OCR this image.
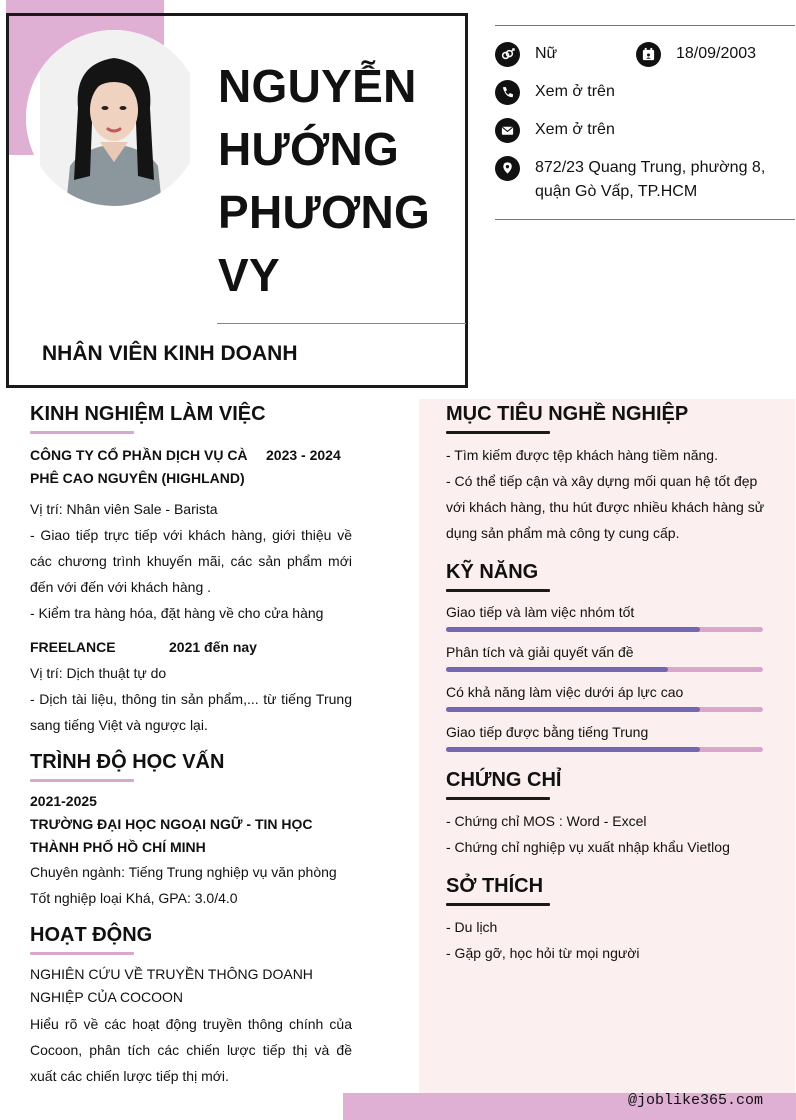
NGUYỄN
HƯỚNG
PHƯƠNG
VY
NHÂN VIÊN KINH DOANH
Nữ	18/09/2003
Xem ở trên
Xem ở trên
872/23 Quang Trung, phường 8,
quận Gò Vấp, TP.HCM
KINH NGHIỆM LÀM VIỆC
CÔNG TY CỔ PHẦN DỊCH VỤ CÀ
PHÊ CAO NGUYÊN (HIGHLAND)
2023 - 2024
Vị trí: Nhân viên Sale - Barista
- Giao tiếp trực tiếp với khách hàng, giới thiệu về các chương trình khuyến mãi, các sản phẩm mới đến với đến với khách hàng .
- Kiểm tra hàng hóa, đặt hàng về cho cửa hàng
FREELANCE	2021 đến nay
Vị trí: Dịch thuật tự do
- Dịch tài liệu, thông tin sản phẩm,... từ tiếng Trung sang tiếng Việt và ngược lại.
TRÌNH ĐỘ HỌC VẤN
2021-2025
TRƯỜNG ĐẠI HỌC NGOẠI NGỮ - TIN HỌC THÀNH PHỐ HỒ CHÍ MINH
Chuyên ngành: Tiếng Trung nghiệp vụ văn phòng
Tốt nghiệp loại Khá, GPA: 3.0/4.0
HOẠT ĐỘNG
NGHIÊN CỨU VỀ TRUYỀN THÔNG DOANH NGHIỆP CỦA COCOON
Hiểu rõ về các hoạt động truyền thông chính của Cocoon, phân tích các chiến lược tiếp thị và đề xuất các chiến lược tiếp thị mới.
MỤC TIÊU NGHỀ NGHIỆP
- Tìm kiếm được tệp khách hàng tiềm năng.
- Có thể tiếp cận và xây dựng mối quan hệ tốt đẹp với khách hàng, thu hút được nhiều khách hàng sử dụng sản phẩm mà công ty cung cấp.
KỸ NĂNG
Giao tiếp và làm việc nhóm tốt
Phân tích và giải quyết vấn đề
Có khả năng làm việc dưới áp lực cao
Giao tiếp được bằng tiếng Trung
CHỨNG CHỈ
- Chứng chỉ MOS : Word - Excel
- Chứng chỉ nghiệp vụ xuất nhập khẩu Vietlog
SỞ THÍCH
- Du lịch
- Gặp gỡ, học hỏi từ mọi người
@joblike365.com
